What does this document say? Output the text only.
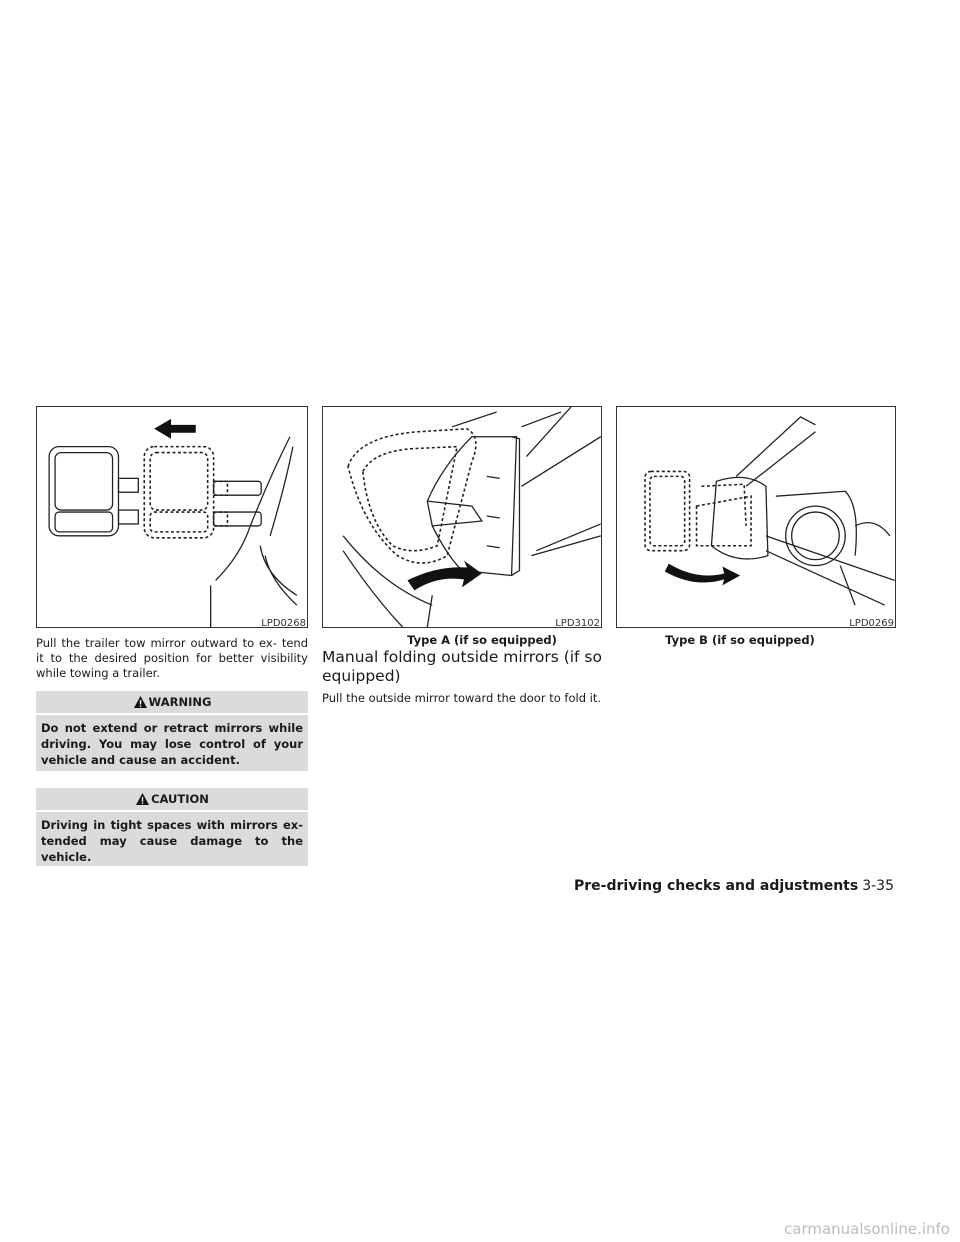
LPD0268	LPD3102
Type A (if so equipped)
LPD0269
Type B (if so equipped)

Pull the trailer tow mirror outward to ex- tend it to the desired position for better visibility while towing a trailer.

WARNING
Do not extend or retract mirrors while driving. You may lose control of your vehicle and cause an accident.
CAUTION
Driving in tight spaces with mirrors ex- tended may cause damage to the vehicle.
Manual folding outside mirrors (if so equipped)

Pull the outside mirror toward the door to fold it.

Pre-driving checks and adjustments 3-35
carmanualsonline.info
